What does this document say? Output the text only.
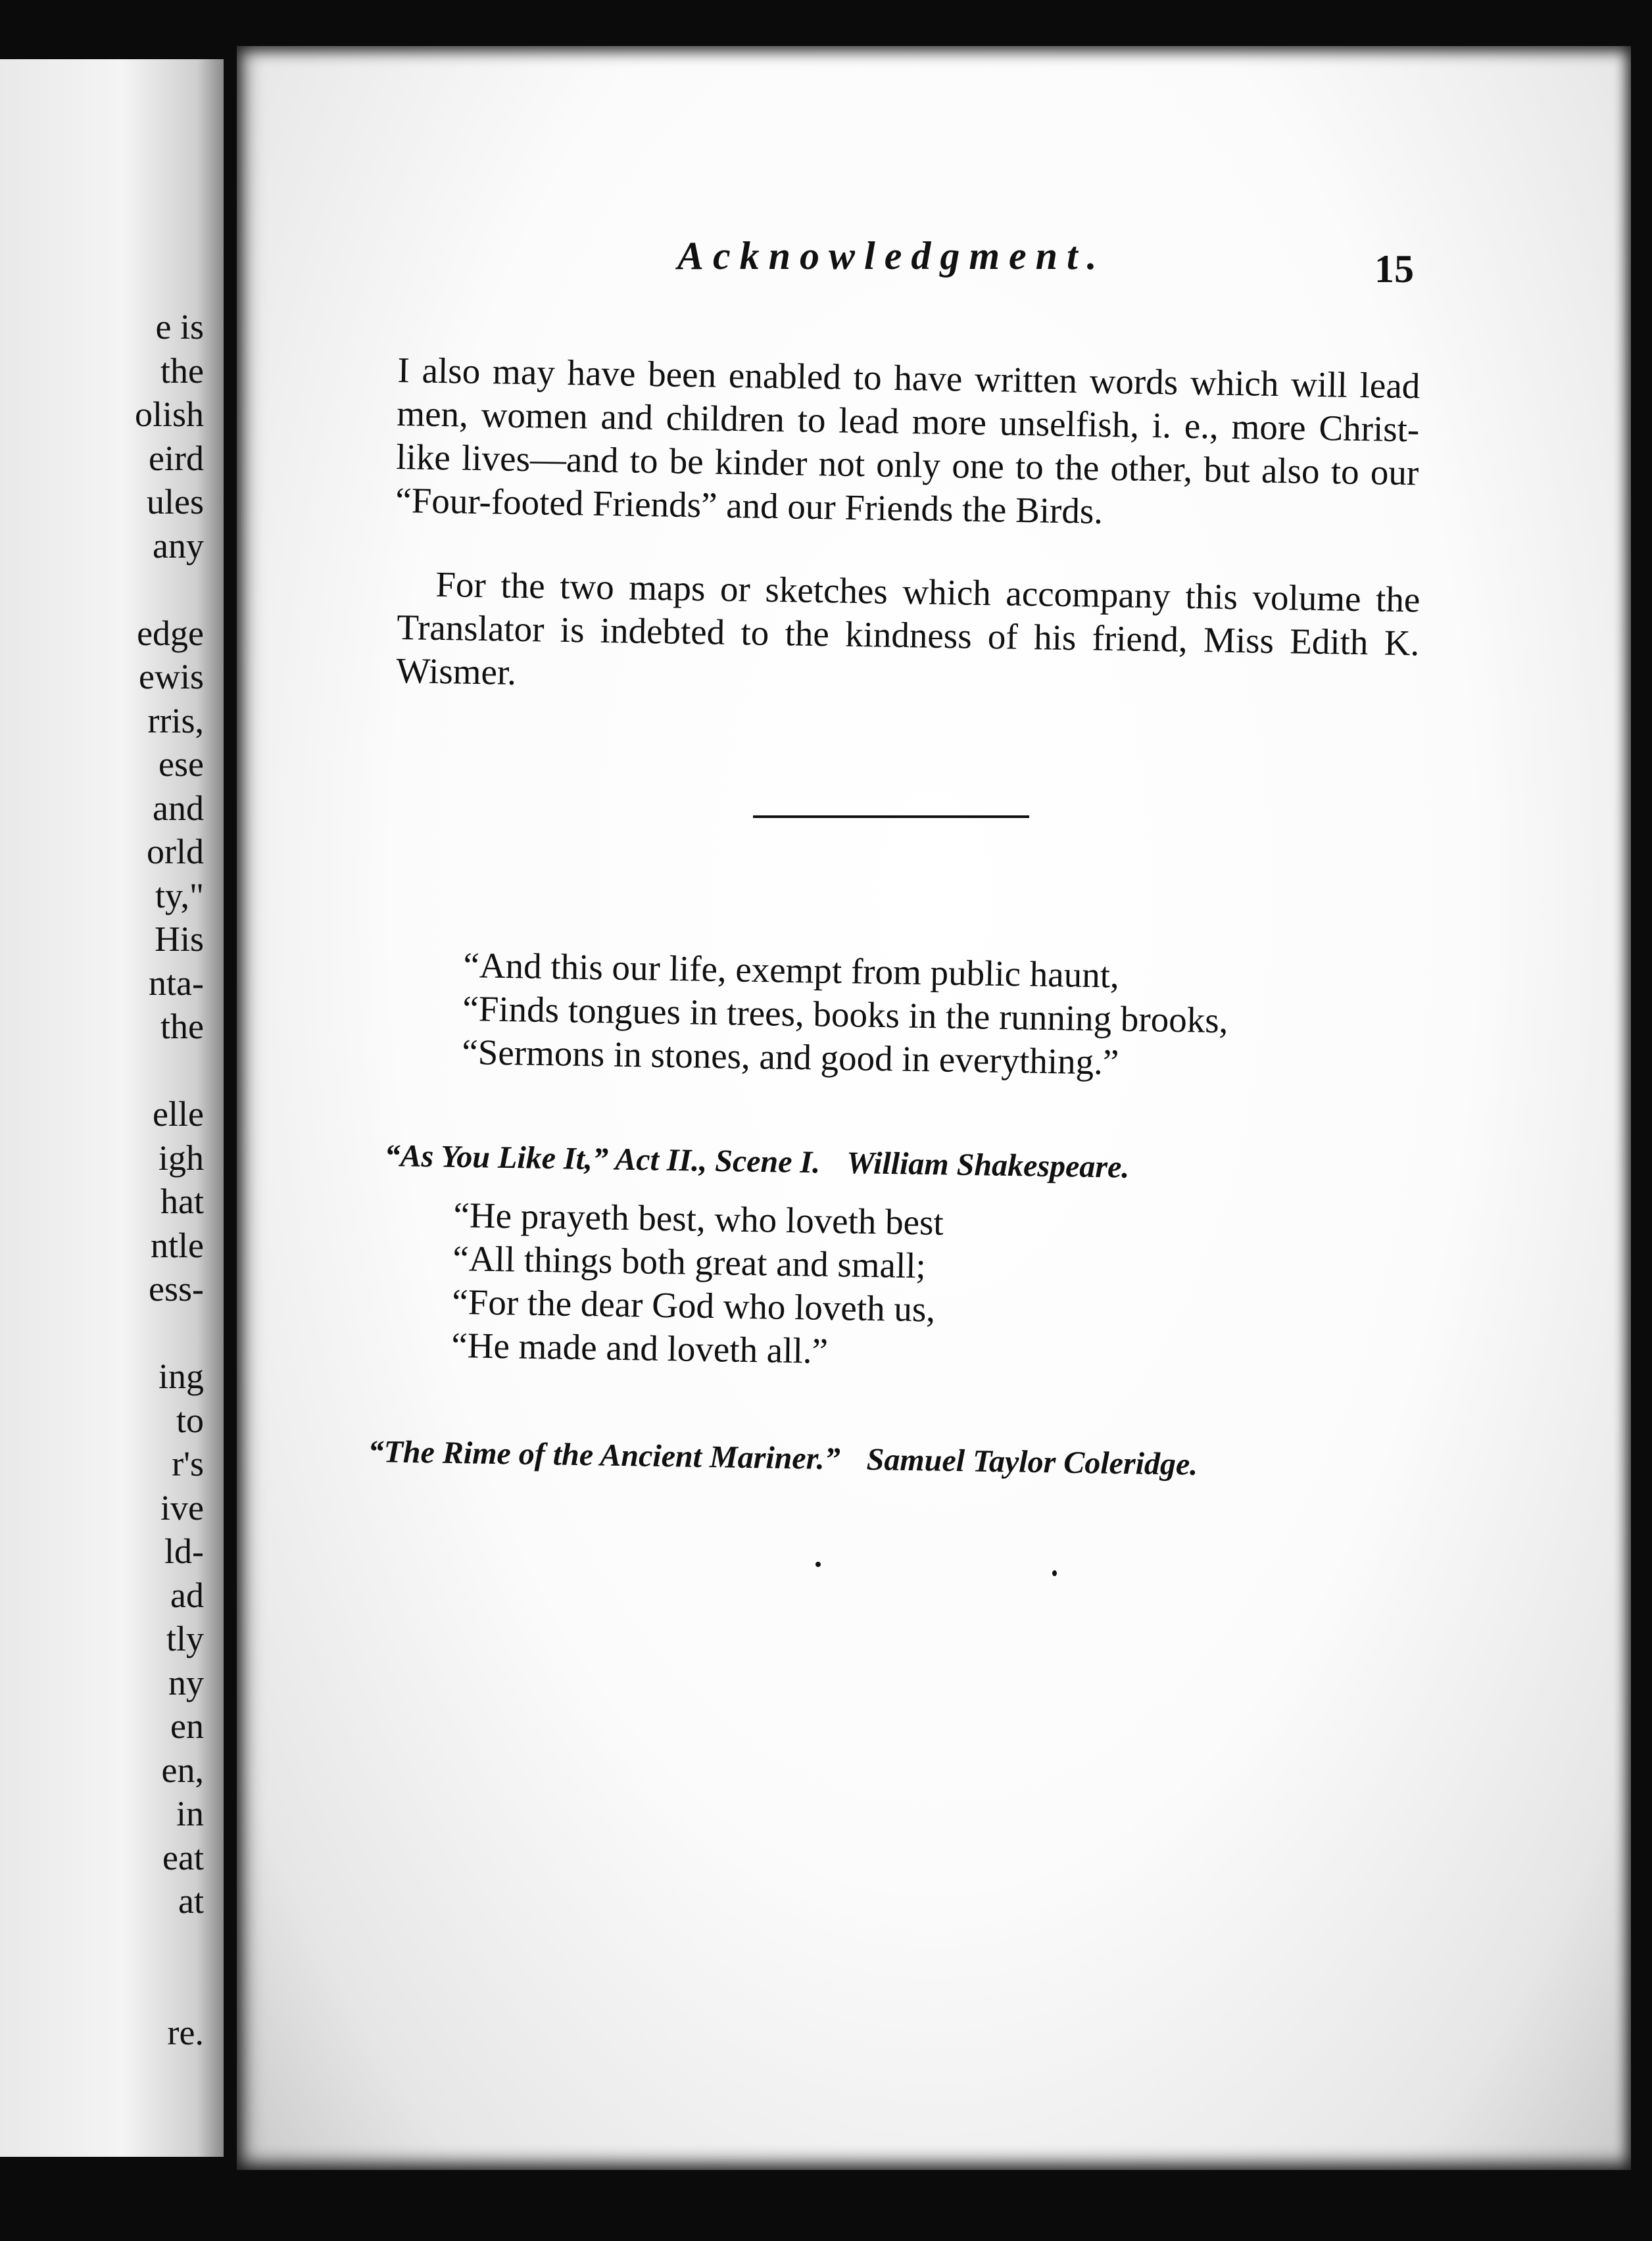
e is
the
olish
eird
ules
any
edge
ewis
rris,
ese
and
orld
ty,"
His
nta-
the
elle
igh
hat
ntle
ess-
ing
to
r's
ive
ld-
ad
tly
ny
en
en,
in
eat
at
re.
Acknowledgment.	15

I also may have been enabled to have written words which will lead men, women and children to lead more unselfish, i. e., more Christ-like lives—and to be kinder not only one to the other, but also to our “Four-footed Friends” and our Friends the Birds.

For the two maps or sketches which accompany this volume the Translator is indebted to the kindness of his friend, Miss Edith K. Wismer.

“And this our life, exempt from public haunt,
“Finds tongues in trees, books in the running brooks,
“Sermons in stones, and good in everything.”
“As You Like It,” Act II., Scene I. William Shakespeare.
“He prayeth best, who loveth best
“All things both great and small;
“For the dear God who loveth us,
“He made and loveth all.”
“The Rime of the Ancient Mariner.” Samuel Taylor Coleridge.
